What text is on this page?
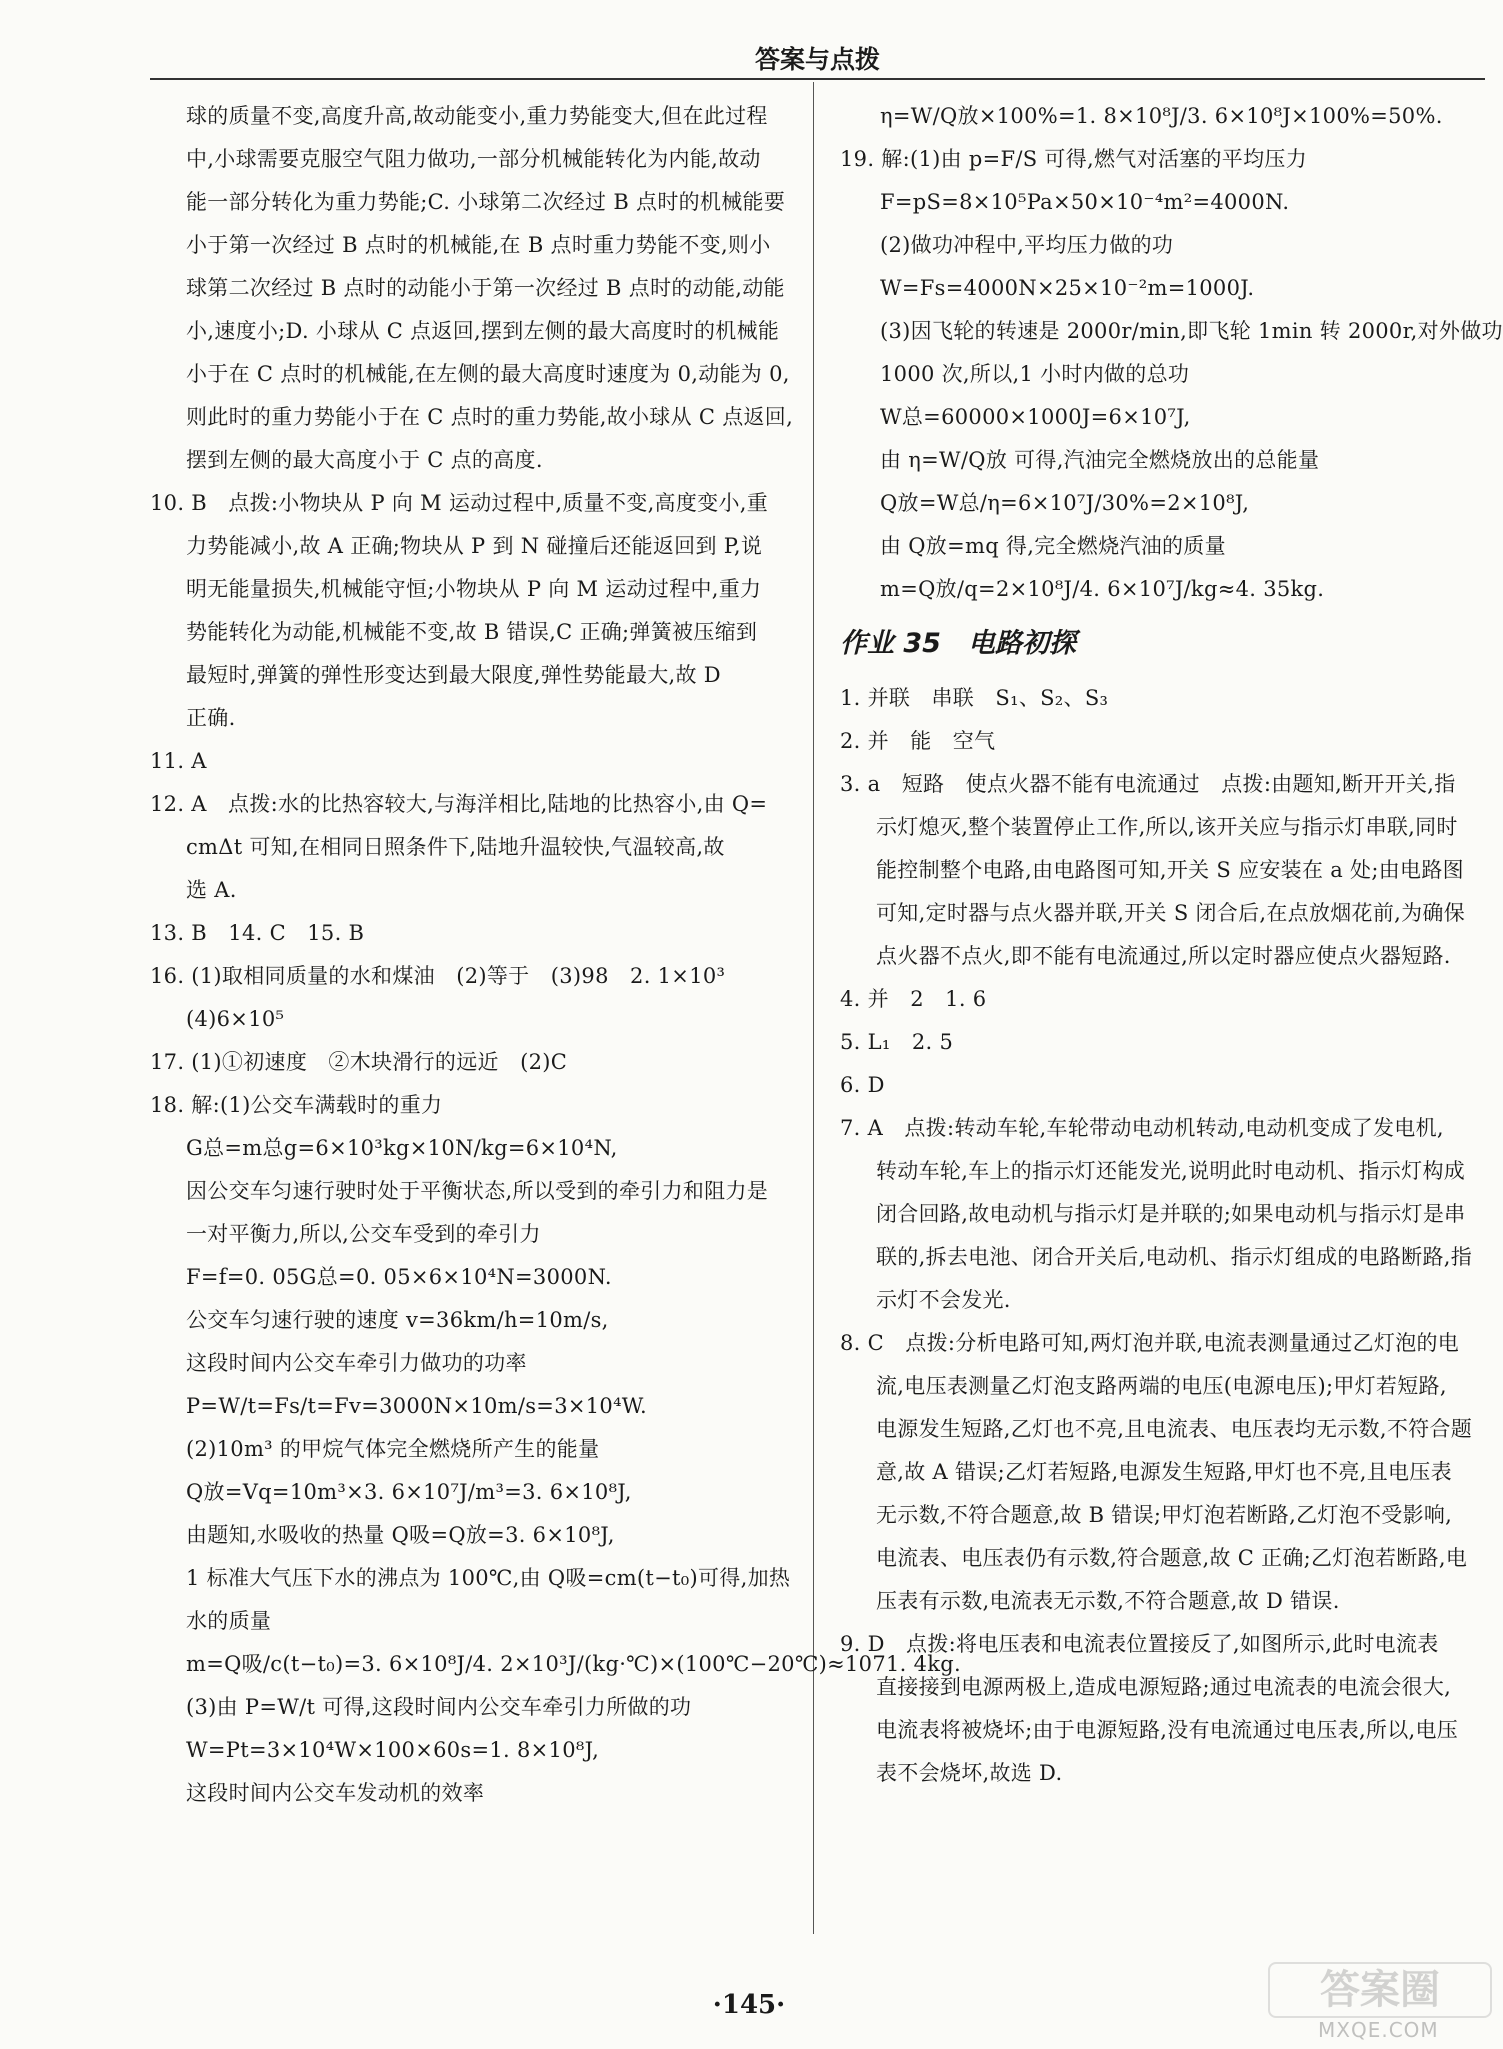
答案与点拨
球的质量不变,高度升高,故动能变小,重力势能变大,但在此过程
中,小球需要克服空气阻力做功,一部分机械能转化为内能,故动
能一部分转化为重力势能;C. 小球第二次经过 B 点时的机械能要
小于第一次经过 B 点时的机械能,在 B 点时重力势能不变,则小
球第二次经过 B 点时的动能小于第一次经过 B 点时的动能,动能
小,速度小;D. 小球从 C 点返回,摆到左侧的最大高度时的机械能
小于在 C 点时的机械能,在左侧的最大高度时速度为 0,动能为 0,
则此时的重力势能小于在 C 点时的重力势能,故小球从 C 点返回,
摆到左侧的最大高度小于 C 点的高度.
10. B　点拨:小物块从 P 向 M 运动过程中,质量不变,高度变小,重
力势能减小,故 A 正确;物块从 P 到 N 碰撞后还能返回到 P,说
明无能量损失,机械能守恒;小物块从 P 向 M 运动过程中,重力
势能转化为动能,机械能不变,故 B 错误,C 正确;弹簧被压缩到
最短时,弹簧的弹性形变达到最大限度,弹性势能最大,故 D
正确.
11. A
12. A　点拨:水的比热容较大,与海洋相比,陆地的比热容小,由 Q=
cmΔt 可知,在相同日照条件下,陆地升温较快,气温较高,故
选 A.
13. B　14. C　15. B
16. (1)取相同质量的水和煤油　(2)等于　(3)98　2. 1×10³
(4)6×10⁵
17. (1)①初速度　②木块滑行的远近　(2)C
18. 解:(1)公交车满载时的重力
G总=m总g=6×10³kg×10N/kg=6×10⁴N,
因公交车匀速行驶时处于平衡状态,所以受到的牵引力和阻力是
一对平衡力,所以,公交车受到的牵引力
F=f=0. 05G总=0. 05×6×10⁴N=3000N.
公交车匀速行驶的速度 v=36km/h=10m/s,
这段时间内公交车牵引力做功的功率
P=W/t=Fs/t=Fv=3000N×10m/s=3×10⁴W.
(2)10m³ 的甲烷气体完全燃烧所产生的能量
Q放=Vq=10m³×3. 6×10⁷J/m³=3. 6×10⁸J,
由题知,水吸收的热量 Q吸=Q放=3. 6×10⁸J,
1 标准大气压下水的沸点为 100℃,由 Q吸=cm(t−t₀)可得,加热
水的质量
m=Q吸/c(t−t₀)=3. 6×10⁸J/4. 2×10³J/(kg·℃)×(100℃−20℃)≈1071. 4kg.
(3)由 P=W/t 可得,这段时间内公交车牵引力所做的功
W=Pt=3×10⁴W×100×60s=1. 8×10⁸J,
这段时间内公交车发动机的效率
η=W/Q放×100%=1. 8×10⁸J/3. 6×10⁸J×100%=50%.
19. 解:(1)由 p=F/S 可得,燃气对活塞的平均压力
F=pS=8×10⁵Pa×50×10⁻⁴m²=4000N.
(2)做功冲程中,平均压力做的功
W=Fs=4000N×25×10⁻²m=1000J.
(3)因飞轮的转速是 2000r/min,即飞轮 1min 转 2000r,对外做功
1000 次,所以,1 小时内做的总功
W总=60000×1000J=6×10⁷J,
由 η=W/Q放 可得,汽油完全燃烧放出的总能量
Q放=W总/η=6×10⁷J/30%=2×10⁸J,
由 Q放=mq 得,完全燃烧汽油的质量
m=Q放/q=2×10⁸J/4. 6×10⁷J/kg≈4. 35kg.
作业 35　电路初探
1. 并联　串联　S₁、S₂、S₃
2. 并　能　空气
3. a　短路　使点火器不能有电流通过　点拨:由题知,断开开关,指
示灯熄灭,整个装置停止工作,所以,该开关应与指示灯串联,同时
能控制整个电路,由电路图可知,开关 S 应安装在 a 处;由电路图
可知,定时器与点火器并联,开关 S 闭合后,在点放烟花前,为确保
点火器不点火,即不能有电流通过,所以定时器应使点火器短路.
4. 并　2　1. 6
5. L₁　2. 5
6. D
7. A　点拨:转动车轮,车轮带动电动机转动,电动机变成了发电机,
转动车轮,车上的指示灯还能发光,说明此时电动机、指示灯构成
闭合回路,故电动机与指示灯是并联的;如果电动机与指示灯是串
联的,拆去电池、闭合开关后,电动机、指示灯组成的电路断路,指
示灯不会发光.
8. C　点拨:分析电路可知,两灯泡并联,电流表测量通过乙灯泡的电
流,电压表测量乙灯泡支路两端的电压(电源电压);甲灯若短路,
电源发生短路,乙灯也不亮,且电流表、电压表均无示数,不符合题
意,故 A 错误;乙灯若短路,电源发生短路,甲灯也不亮,且电压表
无示数,不符合题意,故 B 错误;甲灯泡若断路,乙灯泡不受影响,
电流表、电压表仍有示数,符合题意,故 C 正确;乙灯泡若断路,电
压表有示数,电流表无示数,不符合题意,故 D 错误.
9. D　点拨:将电压表和电流表位置接反了,如图所示,此时电流表
直接接到电源两极上,造成电源短路;通过电流表的电流会很大,
电流表将被烧坏;由于电源短路,没有电流通过电压表,所以,电压
表不会烧坏,故选 D.
·145·	答案圈
MXQE.COM
